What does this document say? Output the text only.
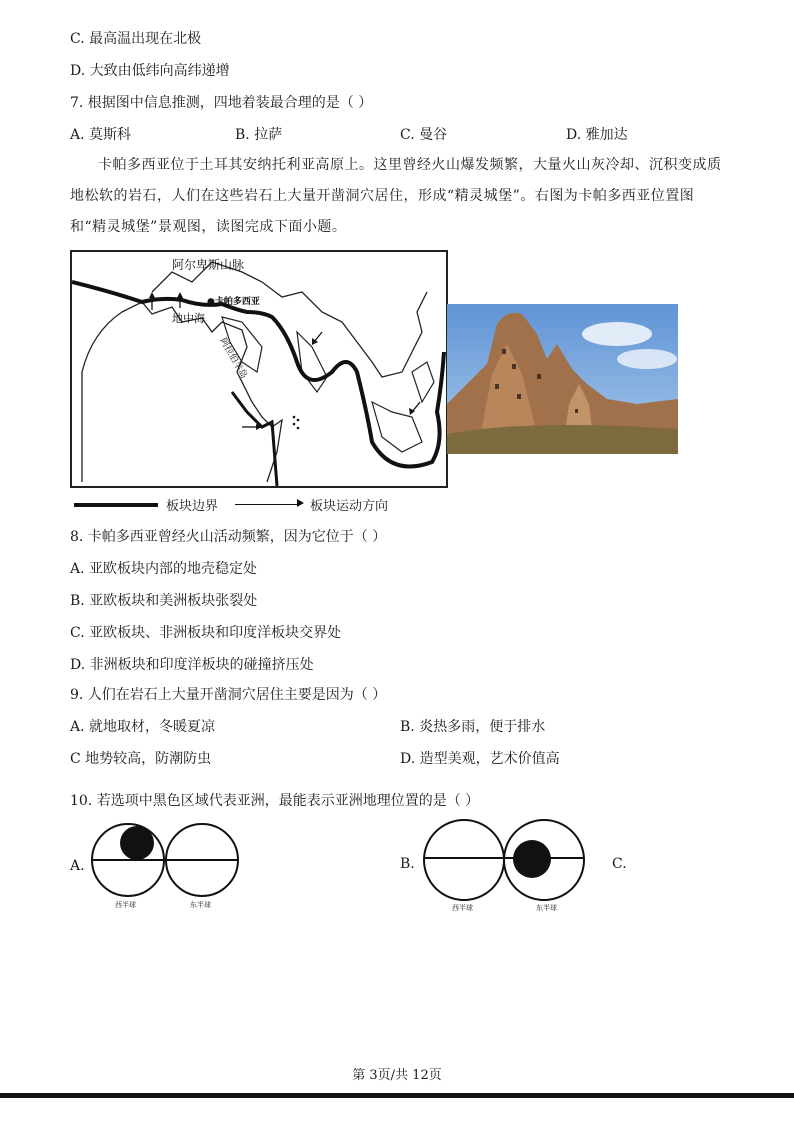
C. 最高温出现在北极
D. 大致由低纬向高纬递增
7. 根据图中信息推测，四地着装最合理的是（ ）
A. 莫斯科	B. 拉萨	C. 曼谷	D. 雅加达
卡帕多西亚位于土耳其安纳托利亚高原上。这里曾经火山爆发频繁，大量火山灰冷却、沉积变成质地松软的岩石，人们在这些岩石上大量开凿洞穴居住，形成“精灵城堡”。右图为卡帕多西亚位置图和“精灵城堡”景观图，读图完成下面小题。
阿尔卑斯山脉
●卡帕多西亚
地中海
阿拉伯半岛
板块边界	板块运动方向
8. 卡帕多西亚曾经火山活动频繁，因为它位于（ ）
A. 亚欧板块内部的地壳稳定处
B. 亚欧板块和美洲板块张裂处
C. 亚欧板块、非洲板块和印度洋板块交界处
D. 非洲板块和印度洋板块的碰撞挤压处
9. 人们在岩石上大量开凿洞穴居住主要是因为（ ）
A. 就地取材，冬暖夏凉	B. 炎热多雨，便于排水
C 地势较高，防潮防虫	D. 造型美观，艺术价值高
10. 若选项中黑色区域代表亚洲，最能表示亚洲地理位置的是（ ）
A.
西半球	东半球
B.
西半球	东半球
C.
第 3页/共 12页
